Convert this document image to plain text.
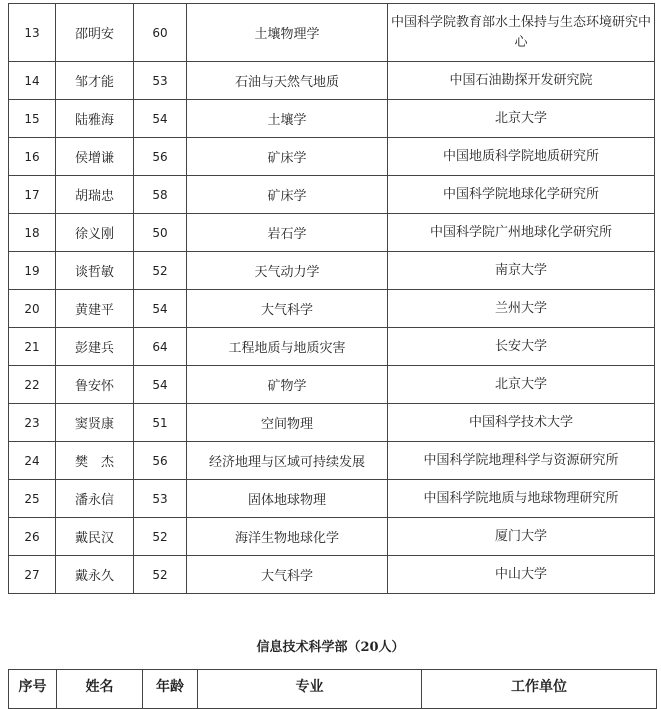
13	邵明安	60	土壤物理学	中国科学院教育部水土保持与生态环境研究中心
14	邹才能	53	石油与天然气地质	中国石油勘探开发研究院
15	陆雅海	54	土壤学	北京大学
16	侯增谦	56	矿床学	中国地质科学院地质研究所
17	胡瑞忠	58	矿床学	中国科学院地球化学研究所
18	徐义刚	50	岩石学	中国科学院广州地球化学研究所
19	谈哲敏	52	天气动力学	南京大学
20	黄建平	54	大气科学	兰州大学
21	彭建兵	64	工程地质与地质灾害	长安大学
22	鲁安怀	54	矿物学	北京大学
23	窦贤康	51	空间物理	中国科学技术大学
24	樊　杰	56	经济地理与区域可持续发展	中国科学院地理科学与资源研究所
25	潘永信	53	固体地球物理	中国科学院地质与地球物理研究所
26	戴民汉	52	海洋生物地球化学	厦门大学
27	戴永久	52	大气科学	中山大学
信息技术科学部（20人）
序号	姓名	年龄	专业	工作单位
